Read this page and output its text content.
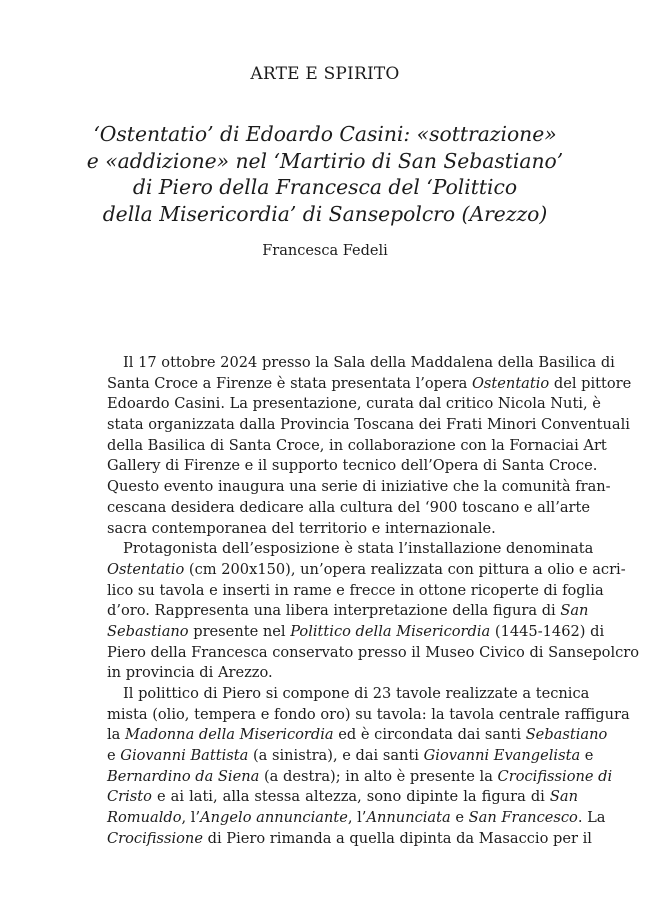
ARTE E SPIRITO
‘Ostentatio’ di Edoardo Casini: «sottrazione»
e «addizione» nel ‘Martirio di San Sebastiano’
di Piero della Francesca del ‘Polittico
della Misericordia’ di Sansepolcro (Arezzo)
Francesca Fedeli
Il 17 ottobre 2024 presso la Sala della Maddalena della Basilica di
Santa Croce a Firenze è stata presentata l’opera Ostentatio del pittore
Edoardo Casini. La presentazione, curata dal critico Nicola Nuti, è
stata organizzata dalla Provincia Toscana dei Frati Minori Conventuali
della Basilica di Santa Croce, in collaborazione con la Fornaciai Art
Gallery di Firenze e il supporto tecnico dell’Opera di Santa Croce.
Questo evento inaugura una serie di iniziative che la comunità fran-
cescana desidera dedicare alla cultura del ‘900 toscano e all’arte
sacra contemporanea del territorio e internazionale.
Protagonista dell’esposizione è stata l’installazione denominata
Ostentatio (cm 200x150), un’opera realizzata con pittura a olio e acri-
lico su tavola e inserti in rame e frecce in ottone ricoperte di foglia
d’oro. Rappresenta una libera interpretazione della figura di San
Sebastiano presente nel Polittico della Misericordia (1445-1462) di
Piero della Francesca conservato presso il Museo Civico di Sansepolcro
in provincia di Arezzo.
Il polittico di Piero si compone di 23 tavole realizzate a tecnica
mista (olio, tempera e fondo oro) su tavola: la tavola centrale raffigura
la Madonna della Misericordia ed è circondata dai santi Sebastiano
e Giovanni Battista (a sinistra), e dai santi Giovanni Evangelista e
Bernardino da Siena (a destra); in alto è presente la Crocifissione di
Cristo e ai lati, alla stessa altezza, sono dipinte la figura di San
Romualdo, l’Angelo annunciante, l’Annunciata e San Francesco. La
Crocifissione di Piero rimanda a quella dipinta da Masaccio per il
